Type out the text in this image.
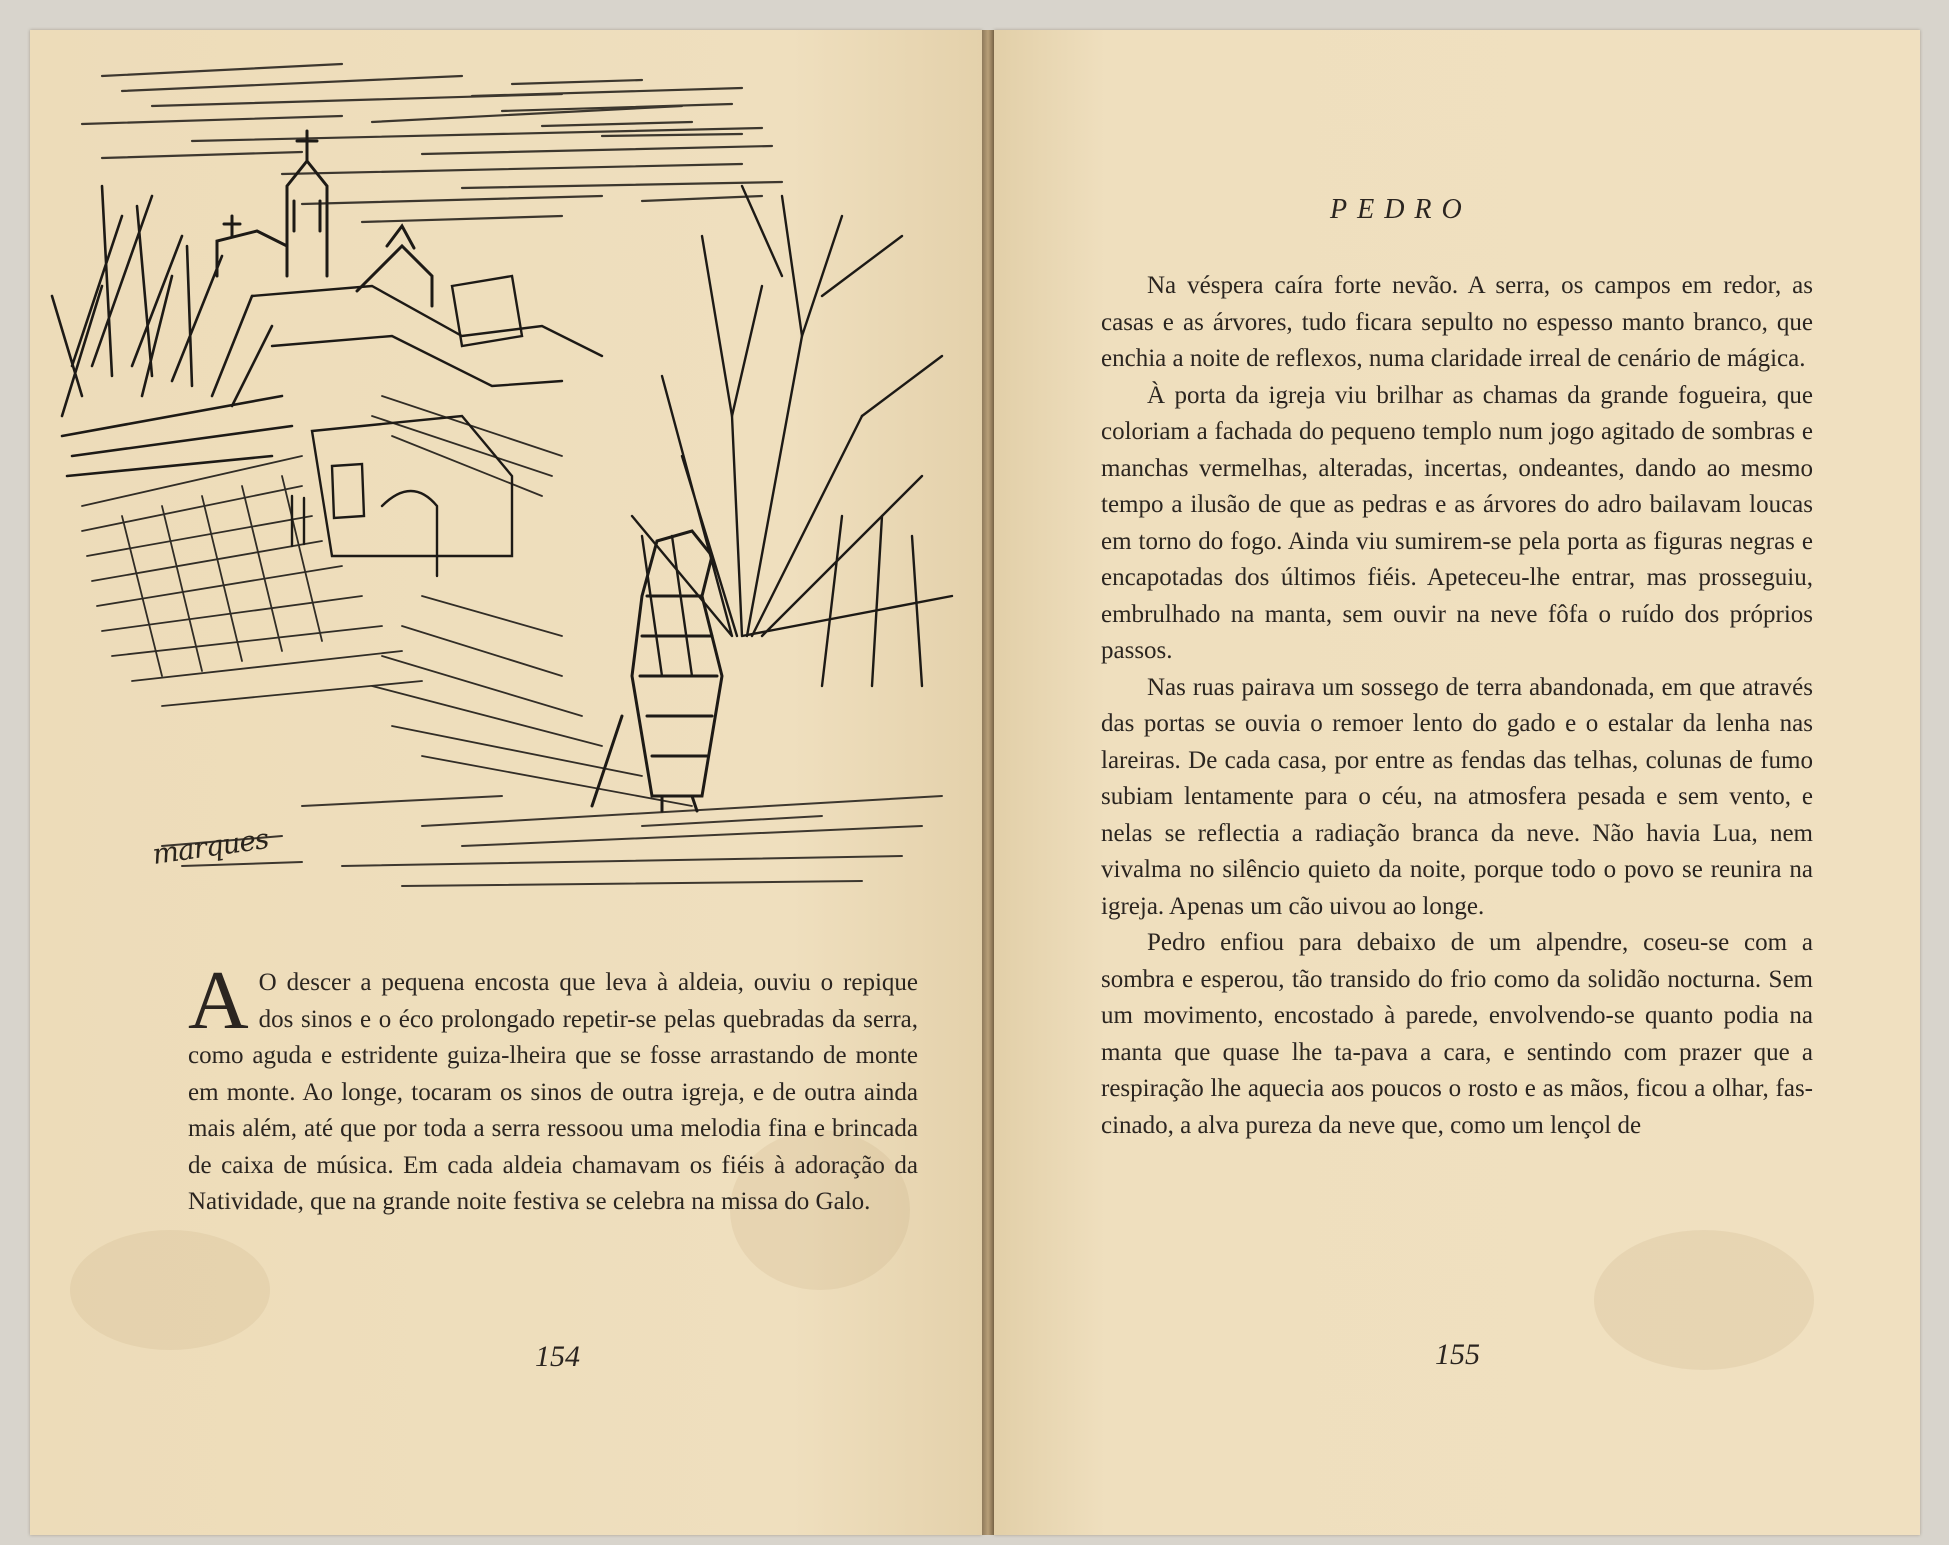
marques
A O descer a pequena encosta que leva à aldeia, ouviu o repique dos sinos e o éco prolongado repetir-se pelas quebradas da serra, como aguda e estridente guiza-lheira que se fosse arrastando de monte em monte. Ao longe, tocaram os sinos de outra igreja, e de outra ainda mais além, até que por toda a serra ressoou uma melodia fina e brincada de caixa de música. Em cada aldeia chamavam os fiéis à adoração da Natividade, que na grande noite festiva se celebra na missa do Galo.

154
PEDRO

Na véspera caíra forte nevão. A serra, os campos em redor, as casas e as árvores, tudo ficara sepulto no espesso manto branco, que enchia a noite de reflexos, numa claridade irreal de cenário de mágica.

À porta da igreja viu brilhar as chamas da grande fogueira, que coloriam a fachada do pequeno templo num jogo agitado de sombras e manchas vermelhas, alteradas, incertas, ondeantes, dando ao mesmo tempo a ilusão de que as pedras e as árvores do adro bailavam loucas em torno do fogo. Ainda viu sumirem-se pela porta as figuras negras e encapotadas dos últimos fiéis. Apeteceu-lhe entrar, mas prosseguiu, embrulhado na manta, sem ouvir na neve fôfa o ruído dos próprios passos.

Nas ruas pairava um sossego de terra abandonada, em que através das portas se ouvia o remoer lento do gado e o estalar da lenha nas lareiras. De cada casa, por entre as fendas das telhas, colunas de fumo subiam lentamente para o céu, na atmosfera pesada e sem vento, e nelas se reflectia a radiação branca da neve. Não havia Lua, nem vivalma no silêncio quieto da noite, porque todo o povo se reunira na igreja. Apenas um cão uivou ao longe.

Pedro enfiou para debaixo de um alpendre, coseu-se com a sombra e esperou, tão transido do frio como da solidão nocturna. Sem um movimento, encostado à parede, envolvendo-se quanto podia na manta que quase lhe ta-pava a cara, e sentindo com prazer que a respiração lhe aquecia aos poucos o rosto e as mãos, ficou a olhar, fas-cinado, a alva pureza da neve que, como um lençol de

155
